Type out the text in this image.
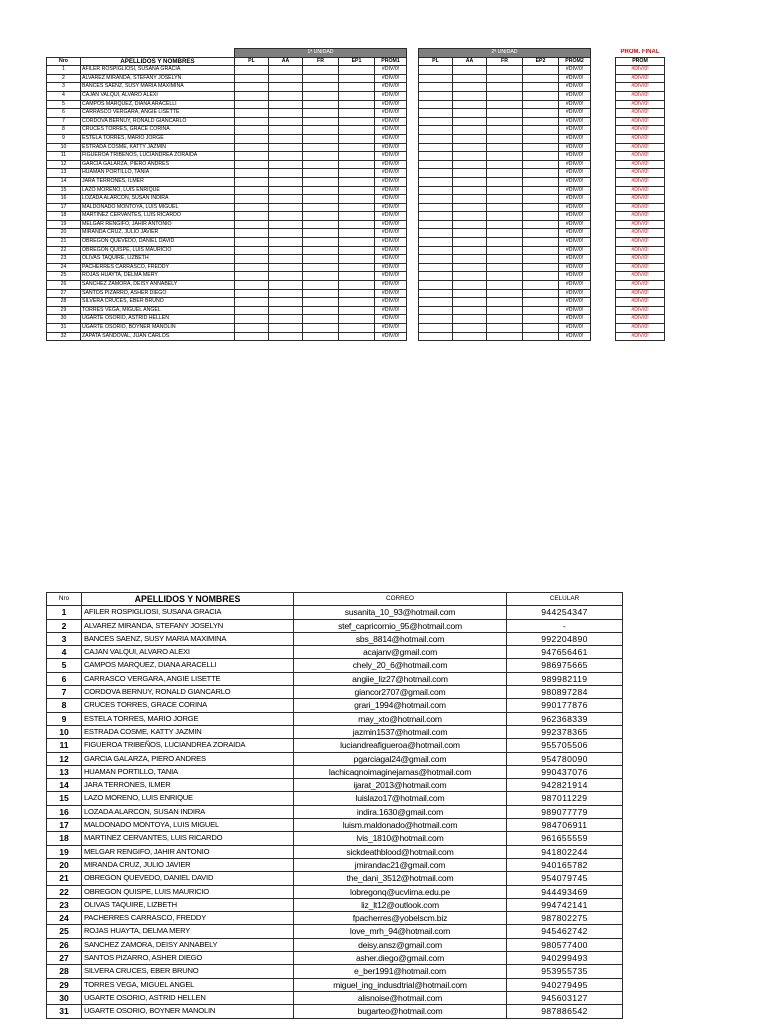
		1ª UNIDAD						2ª UNIDAD						PROM. FINAL
Nro	APELLIDOS Y NOMBRES	PL	AA	FR	EP1	PROM1		PL	AA	FR	EP2	PROM2		PROM
1	AFILER ROSPIGLIOSI, SUSANA GRACIA					#DIV/0!						#DIV/0!		#DIV/0!
2	ALVAREZ MIRANDA, STEFANY JOSELYN					#DIV/0!						#DIV/0!		#DIV/0!
3	BANCES SAENZ, SUSY MARIA MAXIMINA					#DIV/0!						#DIV/0!		#DIV/0!
4	CAJAN VALQUI, ALVARO ALEXI					#DIV/0!						#DIV/0!		#DIV/0!
5	CAMPOS MARQUEZ, DIANA ARACELLI					#DIV/0!						#DIV/0!		#DIV/0!
6	CARRASCO VERGARA, ANGIE LISETTE					#DIV/0!						#DIV/0!		#DIV/0!
7	CORDOVA BERNUY, RONALD GIANCARLO					#DIV/0!						#DIV/0!		#DIV/0!
8	CRUCES TORRES, GRACE CORINA					#DIV/0!						#DIV/0!		#DIV/0!
9	ESTELA TORRES, MARIO JORGE					#DIV/0!						#DIV/0!		#DIV/0!
10	ESTRADA COSME, KATTY JAZMIN					#DIV/0!						#DIV/0!		#DIV/0!
11	FIGUEROA TRIBEÑOS, LUCIANDREA ZORAIDA					#DIV/0!						#DIV/0!		#DIV/0!
12	GARCIA GALARZA, PIERO ANDRES					#DIV/0!						#DIV/0!		#DIV/0!
13	HUAMAN PORTILLO, TANIA					#DIV/0!						#DIV/0!		#DIV/0!
14	JARA TERRONES, ILMER					#DIV/0!						#DIV/0!		#DIV/0!
15	LAZO MORENO, LUIS ENRIQUE					#DIV/0!						#DIV/0!		#DIV/0!
16	LOZADA ALARCON, SUSAN INDIRA					#DIV/0!						#DIV/0!		#DIV/0!
17	MALDONADO MONTOYA, LUIS MIGUEL					#DIV/0!						#DIV/0!		#DIV/0!
18	MARTINEZ CERVANTES, LUIS RICARDO					#DIV/0!						#DIV/0!		#DIV/0!
19	MELGAR RENGIFO, JAHIR ANTONIO					#DIV/0!						#DIV/0!		#DIV/0!
20	MIRANDA CRUZ, JULIO JAVIER					#DIV/0!						#DIV/0!		#DIV/0!
21	OBREGON QUEVEDO, DANIEL DAVID					#DIV/0!						#DIV/0!		#DIV/0!
22	OBREGON QUISPE, LUIS MAURICIO					#DIV/0!						#DIV/0!		#DIV/0!
23	OLIVAS TAQUIRE, LIZBETH					#DIV/0!						#DIV/0!		#DIV/0!
24	PACHERRES CARRASCO, FREDDY					#DIV/0!						#DIV/0!		#DIV/0!
25	ROJAS HUAYTA, DELMA MERY					#DIV/0!						#DIV/0!		#DIV/0!
26	SANCHEZ ZAMORA, DEISY ANNABELY					#DIV/0!						#DIV/0!		#DIV/0!
27	SANTOS PIZARRO, ASHER DIEGO					#DIV/0!						#DIV/0!		#DIV/0!
28	SILVERA CRUCES, EBER BRUNO					#DIV/0!						#DIV/0!		#DIV/0!
29	TORRES VEGA, MIGUEL ANGEL					#DIV/0!						#DIV/0!		#DIV/0!
30	UGARTE OSORIO, ASTRID HELLEN					#DIV/0!						#DIV/0!		#DIV/0!
31	UGARTE OSORIO, BOYNER MANOLIN					#DIV/0!						#DIV/0!		#DIV/0!
32	ZAPATA SANDOVAL, JUAN CARLOS					#DIV/0!						#DIV/0!		#DIV/0!
Nro	APELLIDOS Y NOMBRES	CORREO	CELULAR
1	AFILER ROSPIGLIOSI, SUSANA GRACIA	susanita_10_93@hotmail.com	944254347
2	ALVAREZ MIRANDA, STEFANY JOSELYN	stef_capricornio_95@hotmail.com	-
3	BANCES SAENZ, SUSY MARIA MAXIMINA	sbs_8814@hotmail.com	992204890
4	CAJAN VALQUI, ALVARO ALEXI	acajanv@gmail.com	947656461
5	CAMPOS MARQUEZ, DIANA ARACELLI	chely_20_6@hotmail.com	986975665
6	CARRASCO VERGARA, ANGIE LISETTE	angiie_liz27@hotmail.com	989982119
7	CORDOVA BERNUY, RONALD GIANCARLO	giancor2707@gmail.com	980897284
8	CRUCES TORRES, GRACE CORINA	grari_1994@hotmail.com	990177876
9	ESTELA TORRES, MARIO JORGE	may_xto@hotmail.com	962368339
10	ESTRADA COSME, KATTY JAZMIN	jazmin1537@hotmail.com	992378365
11	FIGUEROA TRIBEÑOS, LUCIANDREA ZORAIDA	luciandreafigueroa@hotmail.com	955705506
12	GARCIA GALARZA, PIERO ANDRES	pgarciagal24@gmail.com	954780090
13	HUAMAN PORTILLO, TANIA	lachicaqnoimaginejamas@hotmail.com	990437076
14	JARA TERRONES, ILMER	ijarat_2013@hotmail.com	942821914
15	LAZO MORENO, LUIS ENRIQUE	luislazo17@hotmail.com	987011229
16	LOZADA ALARCON, SUSAN INDIRA	indira.1630@gmail.com	989077779
17	MALDONADO MONTOYA, LUIS MIGUEL	luism.maldonado@hotmail.com	984706911
18	MARTINEZ CERVANTES, LUIS RICARDO	lvis_1810@hotmail.com	961655559
19	MELGAR RENGIFO, JAHIR ANTONIO	sickdeathblood@hotmail.com	941802244
20	MIRANDA CRUZ, JULIO JAVIER	jmirandac21@gmail.com	940165782
21	OBREGON QUEVEDO, DANIEL DAVID	the_dani_3512@hotmail.com	954079745
22	OBREGON QUISPE, LUIS MAURICIO	lobregonq@ucvlima.edu.pe	944493469
23	OLIVAS TAQUIRE, LIZBETH	liz_lt12@outlook.com	994742141
24	PACHERRES CARRASCO, FREDDY	fpacherres@yobelscm.biz	987802275
25	ROJAS HUAYTA, DELMA MERY	love_mrh_94@hotmail.com	945462742
26	SANCHEZ ZAMORA, DEISY ANNABELY	deisy.ansz@gmail.com	980577400
27	SANTOS PIZARRO, ASHER DIEGO	asher.diego@gmail.com	940299493
28	SILVERA CRUCES, EBER BRUNO	e_ber1991@hotmail.com	953955735
29	TORRES VEGA, MIGUEL ANGEL	miguel_ing_indusdtrial@hotmail.com	940279495
30	UGARTE OSORIO, ASTRID HELLEN	alisnoise@hotmail.com	945603127
31	UGARTE OSORIO, BOYNER MANOLIN	bugarteo@hotmail.com	987886542
